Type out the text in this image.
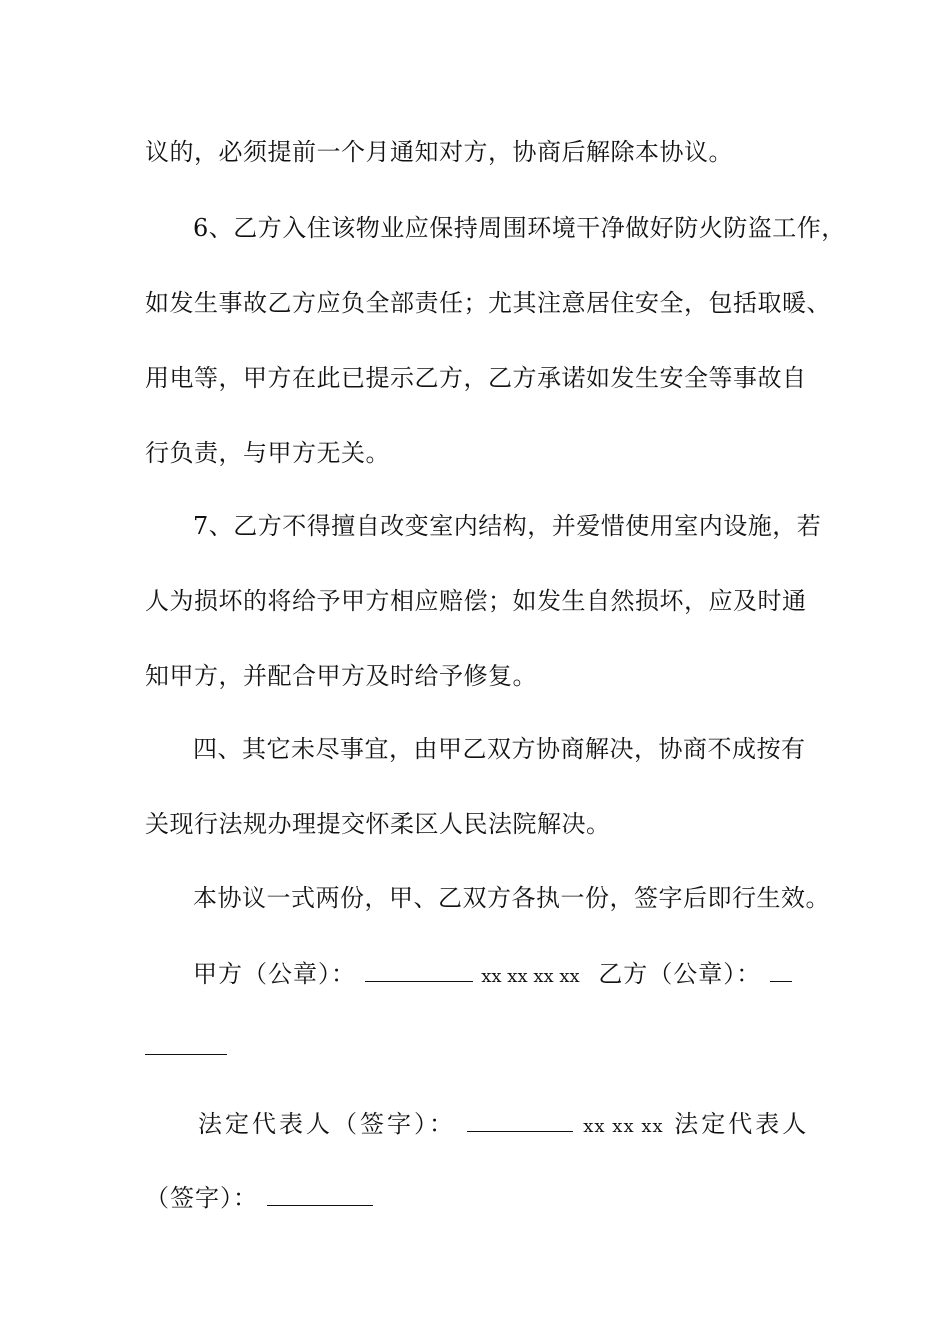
议的，必须提前一个月通知对方，协商后解除本协议。
6、乙方入住该物业应保持周围环境干净做好防火防盗工作，
如发生事故乙方应负全部责任；尤其注意居住安全，包括取暖、
用电等，甲方在此已提示乙方，乙方承诺如发生安全等事故自
行负责，与甲方无关。
7、乙方不得擅自改变室内结构，并爱惜使用室内设施，若
人为损坏的将给予甲方相应赔偿；如发生自然损坏，应及时通
知甲方，并配合甲方及时给予修复。
四、其它未尽事宜，由甲乙双方协商解决，协商不成按有
关现行法规办理提交怀柔区人民法院解决。
本协议一式两份，甲、乙双方各执一份，签字后即行生效。
甲方（公章）：	xx xx xx xx 乙方（公章）：
法定代表人（签字）：	xx xx xx 法定代表人
（签字）：
